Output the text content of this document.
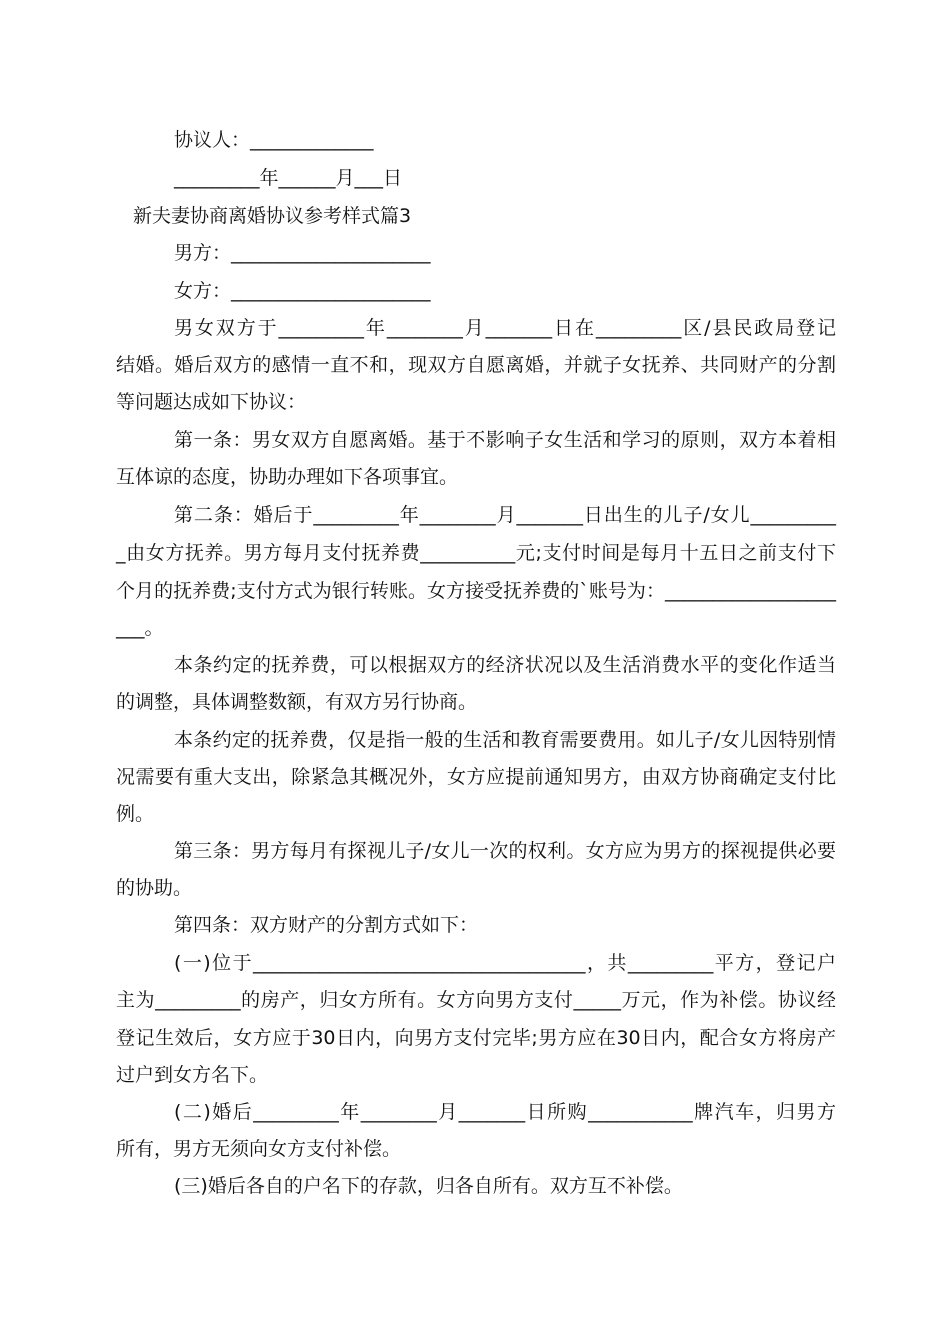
协议人：_____________
_________年______月___日
新夫妻协商离婚协议参考样式篇3
男方：_____________________
女方：_____________________
男女双方于_________年________月_______日在_________区/县民政局登记
结婚。婚后双方的感情一直不和，现双方自愿离婚，并就子女抚养、共同财产的分割
等问题达成如下协议：
第一条：男女双方自愿离婚。基于不影响子女生活和学习的原则，双方本着相
互体谅的态度，协助办理如下各项事宜。
第二条：婚后于_________年________月_______日出生的儿子/女儿_________
_由女方抚养。男方每月支付抚养费__________元;支付时间是每月十五日之前支付下
个月的抚养费;支付方式为银行转账。女方接受抚养费的`账号为：__________________
___。
本条约定的抚养费，可以根据双方的经济状况以及生活消费水平的变化作适当
的调整，具体调整数额，有双方另行协商。
本条约定的抚养费，仅是指一般的生活和教育需要费用。如儿子/女儿因特别情
况需要有重大支出，除紧急其概况外，女方应提前通知男方，由双方协商确定支付比
例。
第三条：男方每月有探视儿子/女儿一次的权利。女方应为男方的探视提供必要
的协助。
第四条：双方财产的分割方式如下：
(一)位于___________________________________，共_________平方，登记户
主为_________的房产，归女方所有。女方向男方支付_____万元，作为补偿。协议经
登记生效后，女方应于30日内，向男方支付完毕;男方应在30日内，配合女方将房产
过户到女方名下。
(二)婚后_________年________月_______日所购___________牌汽车，归男方
所有，男方无须向女方支付补偿。
(三)婚后各自的户名下的存款，归各自所有。双方互不补偿。
